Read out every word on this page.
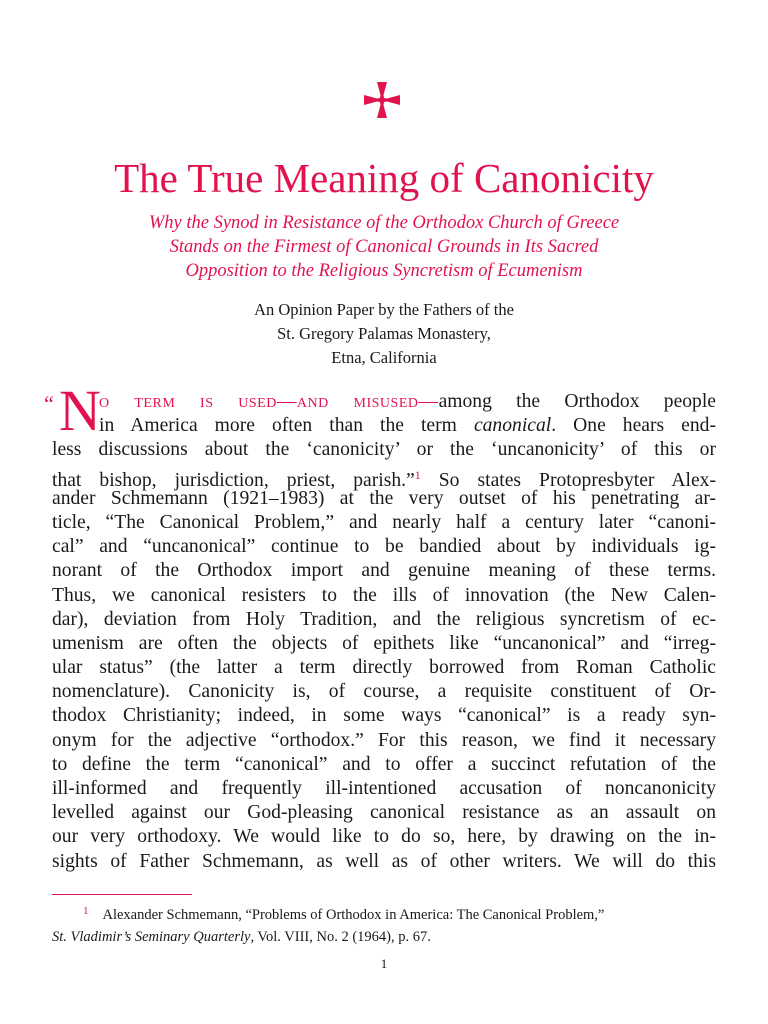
The True Meaning of Canonicity
Why the Synod in Resistance of the Orthodox Church of Greece
Stands on the Firmest of Canonical Grounds in Its Sacred
Opposition to the Religious Syncretism of Ecumenism
An Opinion Paper by the Fathers of the
St. Gregory Palamas Monastery,
Etna, California
“ N
o term is used—and misused—among the Orthodox people
in America more often than the term canonical. One hears end-
less discussions about the ‘canonicity’ or the ‘uncanonicity’ of this or
that bishop, jurisdiction, priest, parish.”$^1$ So states Protopresbyter Alex-
ander Schmemann (1921–1983) at the very outset of his penetrating ar-
ticle, “The Canonical Problem,” and nearly half a century later “canoni-
cal” and “uncanonical” continue to be bandied about by individuals ig-
norant of the Orthodox import and genuine meaning of these terms.
Thus, we canonical resisters to the ills of innovation (the New Calen-
dar), deviation from Holy Tradition, and the religious syncretism of ec-
umenism are often the objects of epithets like “uncanonical” and “irreg-
ular status” (the latter a term directly borrowed from Roman Catholic
nomenclature). Canonicity is, of course, a requisite constituent of Or-
thodox Christianity; indeed, in some ways “canonical” is a ready syn-
onym for the adjective “orthodox.” For this reason, we find it necessary
to define the term “canonical” and to offer a succinct refutation of the
ill-informed and frequently ill-intentioned accusation of noncanonicity
levelled against our God-pleasing canonical resistance as an assault on
our very orthodoxy. We would like to do so, here, by drawing on the in-
sights of Father Schmemann, as well as of other writers. We will do this
$^1$ Alexander Schmemann, “Problems of Orthodox in America: The Canonical Problem,”
St. Vladimir’s Seminary Quarterly, Vol. VIII, No. 2 (1964), p. 67.
1
